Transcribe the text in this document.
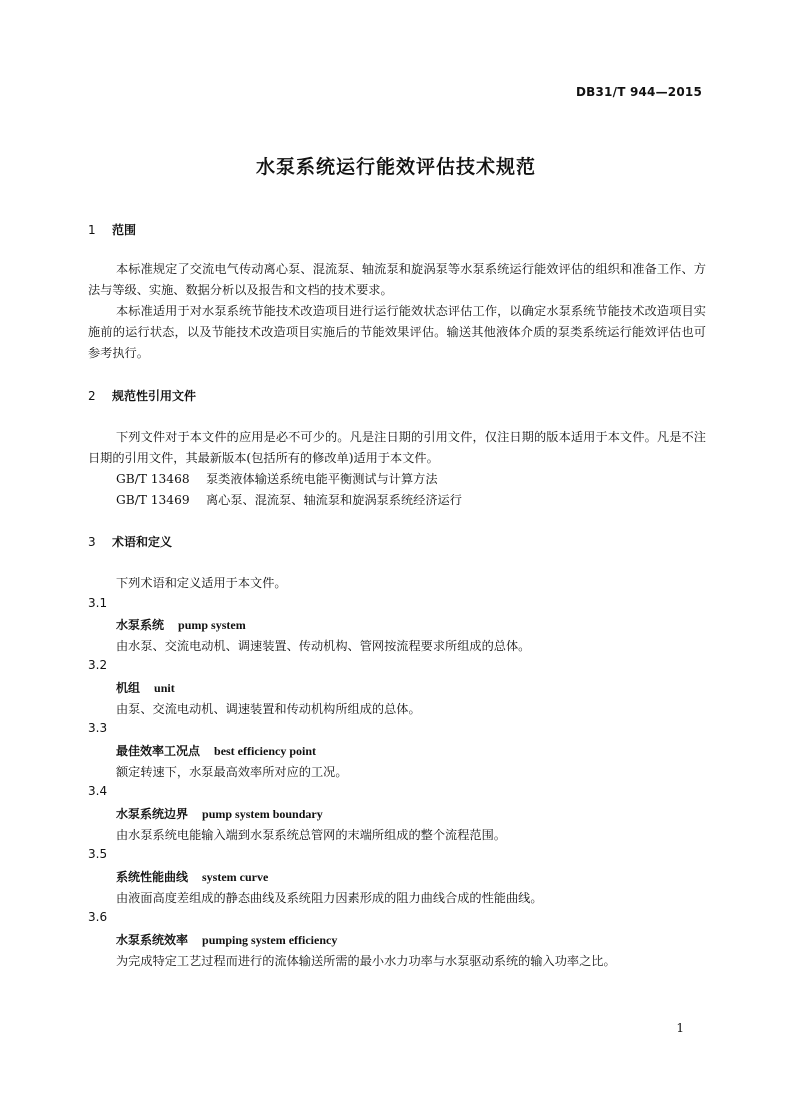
DB31/T 944—2015
水泵系统运行能效评估技术规范
1 范围
本标准规定了交流电气传动离心泵、混流泵、轴流泵和旋涡泵等水泵系统运行能效评估的组织和准备工作、方法与等级、实施、数据分析以及报告和文档的技术要求。
本标准适用于对水泵系统节能技术改造项目进行运行能效状态评估工作，以确定水泵系统节能技术改造项目实施前的运行状态，以及节能技术改造项目实施后的节能效果评估。输送其他液体介质的泵类系统运行能效评估也可参考执行。
2 规范性引用文件
下列文件对于本文件的应用是必不可少的。凡是注日期的引用文件，仅注日期的版本适用于本文件。凡是不注日期的引用文件，其最新版本(包括所有的修改单)适用于本文件。
GB/T 13468 泵类液体输送系统电能平衡测试与计算方法
GB/T 13469 离心泵、混流泵、轴流泵和旋涡泵系统经济运行
3 术语和定义
下列术语和定义适用于本文件。
3.1
水泵系统 pump system
由水泵、交流电动机、调速装置、传动机构、管网按流程要求所组成的总体。
3.2
机组 unit
由泵、交流电动机、调速装置和传动机构所组成的总体。
3.3
最佳效率工况点 best efficiency point
额定转速下，水泵最高效率所对应的工况。
3.4
水泵系统边界 pump system boundary
由水泵系统电能输入端到水泵系统总管网的末端所组成的整个流程范围。
3.5
系统性能曲线 system curve
由液面高度差组成的静态曲线及系统阻力因素形成的阻力曲线合成的性能曲线。
3.6
水泵系统效率 pumping system efficiency
为完成特定工艺过程而进行的流体输送所需的最小水力功率与水泵驱动系统的输入功率之比。
1
